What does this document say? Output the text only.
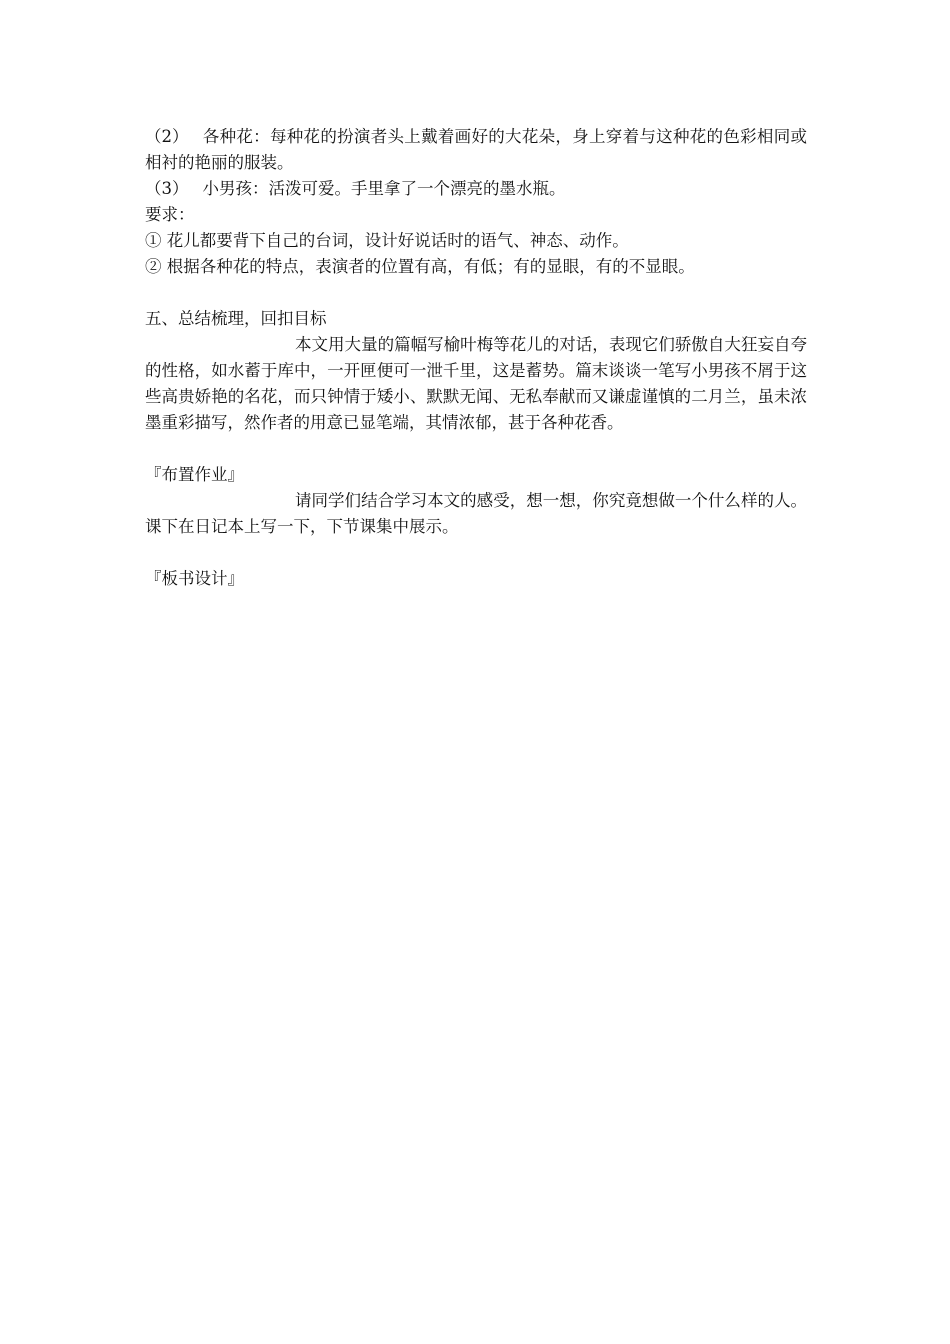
（2） 各种花：每种花的扮演者头上戴着画好的大花朵，身上穿着与这种花的色彩相同或相衬的艳丽的服装。

（3） 小男孩：活泼可爱。手里拿了一个漂亮的墨水瓶。

要求：

① 花儿都要背下自己的台词，设计好说话时的语气、神态、动作。

② 根据各种花的特点，表演者的位置有高，有低；有的显眼，有的不显眼。

五、总结梳理，回扣目标

本文用大量的篇幅写榆叶梅等花儿的对话，表现它们骄傲自大狂妄自夸的性格，如水蓄于库中，一开匣便可一泄千里，这是蓄势。篇末谈谈一笔写小男孩不屑于这些高贵娇艳的名花，而只钟情于矮小、默默无闻、无私奉献而又谦虚谨慎的二月兰，虽未浓墨重彩描写，然作者的用意已显笔端，其情浓郁，甚于各种花香。

『布置作业』

请同学们结合学习本文的感受，想一想，你究竟想做一个什么样的人。课下在日记本上写一下，下节课集中展示。

『板书设计』
